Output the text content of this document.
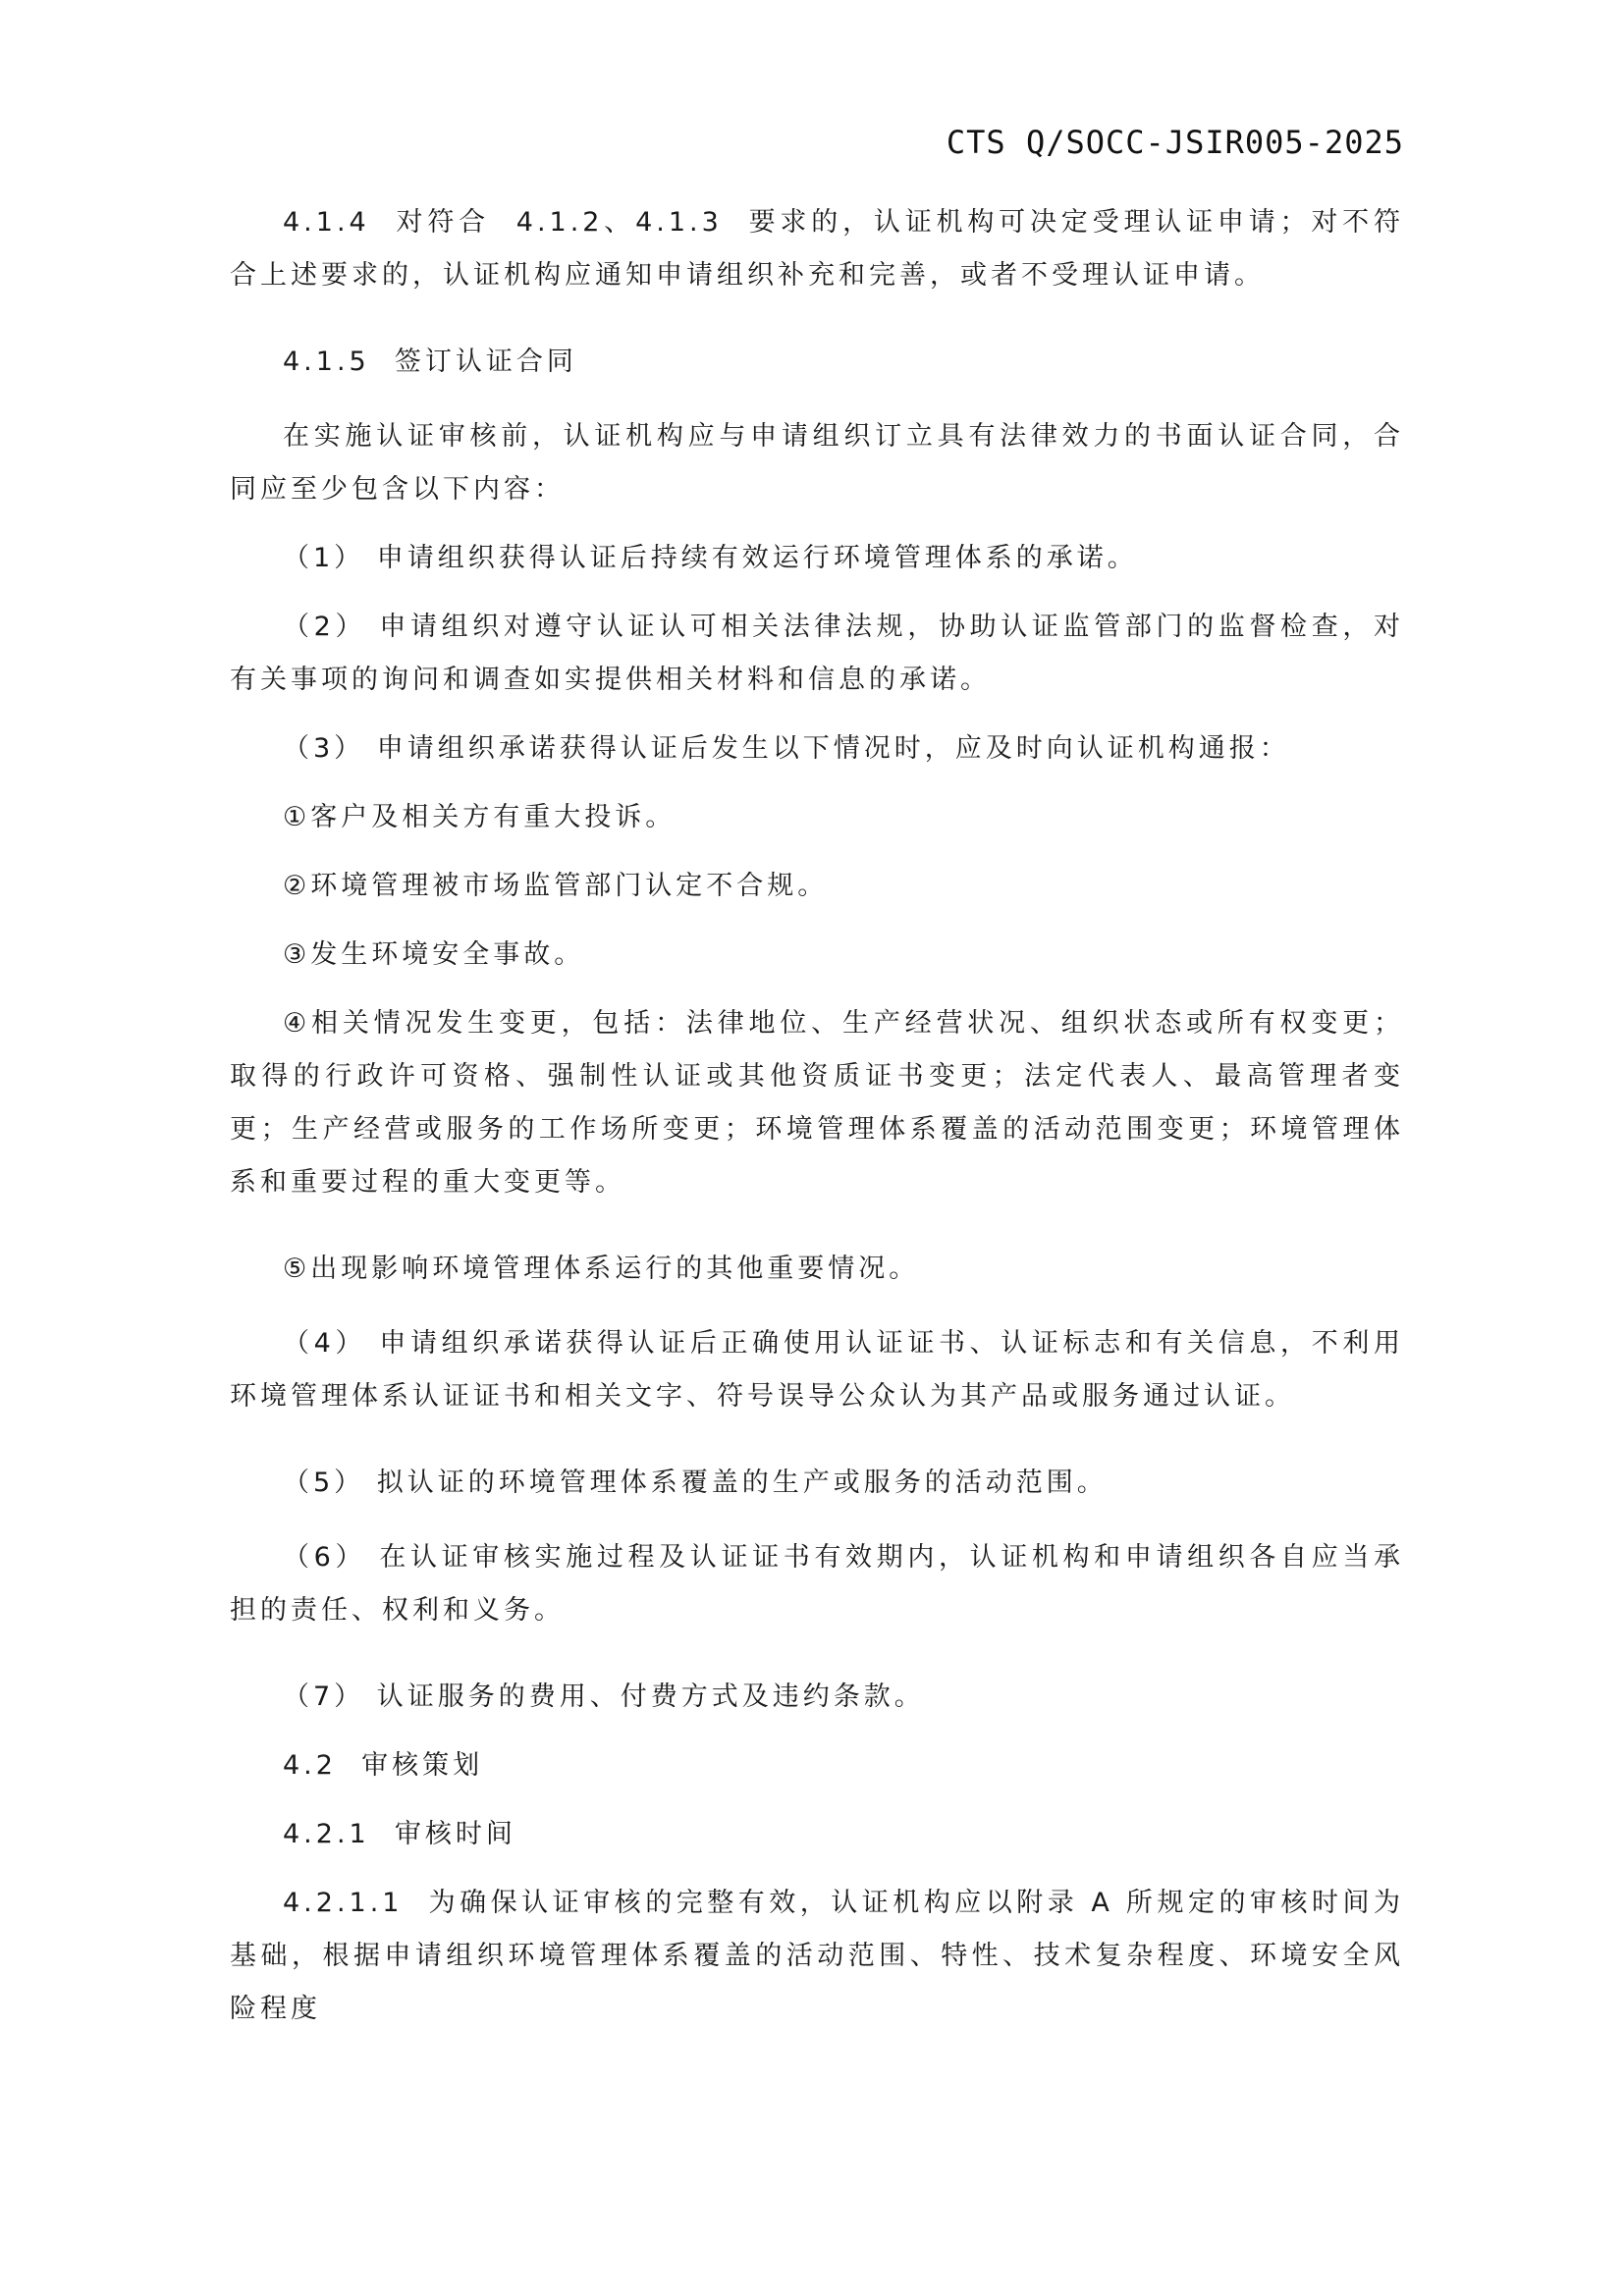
CTS Q/SOCC-JSIR005-2025

4.1.4  对符合  4.1.2、4.1.3  要求的，认证机构可决定受理认证申请；对不符合上述要求的，认证机构应通知申请组织补充和完善，或者不受理认证申请。

4.1.5  签订认证合同

在实施认证审核前，认证机构应与申请组织订立具有法律效力的书面认证合同，合同应至少包含以下内容：

（1） 申请组织获得认证后持续有效运行环境管理体系的承诺。

（2） 申请组织对遵守认证认可相关法律法规，协助认证监管部门的监督检查，对有关事项的询问和调查如实提供相关材料和信息的承诺。

（3） 申请组织承诺获得认证后发生以下情况时，应及时向认证机构通报：

①客户及相关方有重大投诉。

②环境管理被市场监管部门认定不合规。

③发生环境安全事故。

④相关情况发生变更，包括：法律地位、生产经营状况、组织状态或所有权变更；取得的行政许可资格、强制性认证或其他资质证书变更；法定代表人、最高管理者变更；生产经营或服务的工作场所变更；环境管理体系覆盖的活动范围变更；环境管理体系和重要过程的重大变更等。

⑤出现影响环境管理体系运行的其他重要情况。

（4） 申请组织承诺获得认证后正确使用认证证书、认证标志和有关信息，不利用环境管理体系认证证书和相关文字、符号误导公众认为其产品或服务通过认证。

（5） 拟认证的环境管理体系覆盖的生产或服务的活动范围。

（6） 在认证审核实施过程及认证证书有效期内，认证机构和申请组织各自应当承担的责任、权利和义务。

（7） 认证服务的费用、付费方式及违约条款。

4.2  审核策划

4.2.1  审核时间

4.2.1.1  为确保认证审核的完整有效，认证机构应以附录 A 所规定的审核时间为基础，根据申请组织环境管理体系覆盖的活动范围、特性、技术复杂程度、环境安全风险程度
